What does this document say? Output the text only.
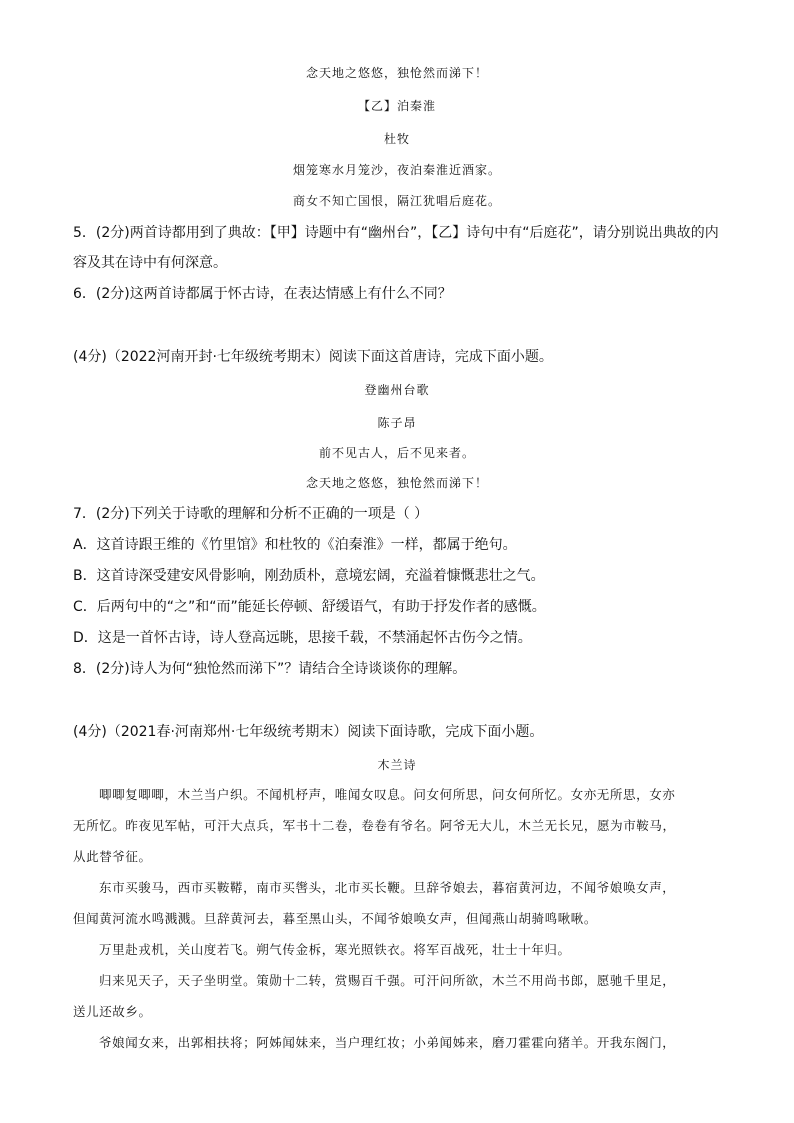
念天地之悠悠，独怆然而涕下！
【乙】泊秦淮
杜牧
烟笼寒水月笼沙，夜泊秦淮近酒家。
商女不知亡国恨，隔江犹唱后庭花。
5．(2分)两首诗都用到了典故：【甲】诗题中有“幽州台”，【乙】诗句中有“后庭花”，请分别说出典故的内
容及其在诗中有何深意。
6．(2分)这两首诗都属于怀古诗，在表达情感上有什么不同？
(4分)（2022河南开封·七年级统考期末）阅读下面这首唐诗，完成下面小题。
登幽州台歌
陈子昂
前不见古人，后不见来者。
念天地之悠悠，独怆然而涕下！
7．(2分)下列关于诗歌的理解和分析不正确的一项是（ ）
A．这首诗跟王维的《竹里馆》和杜牧的《泊秦淮》一样，都属于绝句。
B．这首诗深受建安风骨影响，刚劲质朴，意境宏阔，充溢着慷慨悲壮之气。
C．后两句中的“之”和“而”能延长停顿、舒缓语气，有助于抒发作者的感慨。
D．这是一首怀古诗，诗人登高远眺，思接千载，不禁涌起怀古伤今之情。
8．(2分)诗人为何“独怆然而涕下”？请结合全诗谈谈你的理解。
(4分)（2021春·河南郑州·七年级统考期末）阅读下面诗歌，完成下面小题。
木兰诗
唧唧复唧唧，木兰当户织。不闻机杼声，唯闻女叹息。问女何所思，问女何所忆。女亦无所思，女亦
无所忆。昨夜见军帖，可汗大点兵，军书十二卷，卷卷有爷名。阿爷无大儿，木兰无长兄，愿为市鞍马，
从此替爷征。
东市买骏马，西市买鞍鞯，南市买辔头，北市买长鞭。旦辞爷娘去，暮宿黄河边，不闻爷娘唤女声，
但闻黄河流水鸣溅溅。旦辞黄河去，暮至黑山头，不闻爷娘唤女声，但闻燕山胡骑鸣啾啾。
万里赴戎机，关山度若飞。朔气传金柝，寒光照铁衣。将军百战死，壮士十年归。
归来见天子，天子坐明堂。策勋十二转，赏赐百千强。可汗问所欲，木兰不用尚书郎，愿驰千里足，
送儿还故乡。
爷娘闻女来，出郭相扶将；阿姊闻妹来，当户理红妆；小弟闻姊来，磨刀霍霍向猪羊。开我东阁门，
